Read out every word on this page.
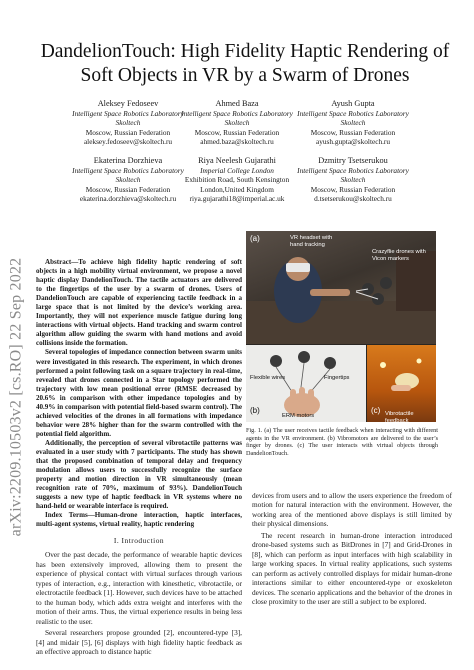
arXiv:2209.10503v2 [cs.RO] 22 Sep 2022
DandelionTouch: High Fidelity Haptic Rendering of Soft Objects in VR by a Swarm of Drones
Aleksey Fedoseev
Intelligent Space Robotics Laboratory
Skoltech
Moscow, Russian Federation
aleksey.fedoseev@skoltech.ru
Ahmed Baza
Intelligent Space Robotics Laboratory
Skoltech
Moscow, Russian Federation
ahmed.baza@skoltech.ru
Ayush Gupta
Intelligent Space Robotics Laboratory
Skoltech
Moscow, Russian Federation
ayush.gupta@skoltech.ru
Ekaterina Dorzhieva
Intelligent Space Robotics Laboratory
Skoltech
Moscow, Russian Federation
ekaterina.dorzhieva@skoltech.ru
Riya Neelesh Gujarathi
Imperial College London
Exhibition Road, South Kensington
London,United Kingdom
riya.gujarathi18@imperial.ac.uk
Dzmitry Tsetserukou
Intelligent Space Robotics Laboratory
Skoltech
Moscow, Russian Federation
d.tsetserukou@skoltech.ru

Abstract—To achieve high fidelity haptic rendering of soft objects in a high mobility virtual environment, we propose a novel haptic display DandelionTouch. The tactile actuators are delivered to the fingertips of the user by a swarm of drones. Users of DandelionTouch are capable of experiencing tactile feedback in a large space that is not limited by the device’s working area. Importantly, they will not experience muscle fatigue during long interactions with virtual objects. Hand tracking and swarm control algorithm allow guiding the swarm with hand motions and avoid collisions inside the formation.

Several topologies of impedance connection between swarm units were investigated in this research. The experiment, in which drones performed a point following task on a square trajectory in real-time, revealed that drones connected in a Star topology performed the trajectory with low mean positional error (RMSE decreased by 20.6% in comparison with other impedance topologies and by 40.9% in comparison with potential field-based swarm control). The achieved velocities of the drones in all formations with impedance behavior were 28% higher than for the swarm controlled with the potential field algorithm.

Additionally, the perception of several vibrotactile patterns was evaluated in a user study with 7 participants. The study has shown that the proposed combination of temporal delay and frequency modulation allows users to successfully recognize the surface property and motion direction in VR simultaneously (mean recognition rate of 70%, maximum of 93%). DandelionTouch suggests a new type of haptic feedback in VR systems where no hand-held or wearable interface is required.

Index Terms—Human-drone interaction, haptic interfaces, multi-agent systems, virtual reality, haptic rendering

I. Introduction

Over the past decade, the performance of wearable haptic devices has been extensively improved, allowing them to present the experience of physical contact with virtual surfaces through various types of interaction, e.g., interaction with kinesthetic, vibrotactile, or electrotactile feedback [1]. However, such devices have to be attached to the human body, which adds extra weight and interferes with the motion of their arms. Thus, the virtual experience results in being less realistic to the user.

Several researchers propose grounded [2], encountered-type [3], [4] and midair [5], [6] displays with high fidelity haptic feedback as an effective approach to distance haptic

(a)	VR headset with hand tracking
Crazyflie drones with Vicon markers
(b)
Flexible wires	Fingertips
ERM motors
(c) Vibrotactile feedback
Fig. 1. (a) The user receives tactile feedback when interacting with different agents in the VR environment. (b) Vibromotors are delivered to the user’s finger by drones. (c) The user interacts with virtual objects through DandelionTouch.

devices from users and to allow the users experience the freedom of motion for natural interaction with the environment. However, the working area of the mentioned above displays is still limited by their physical dimensions.

The recent research in human-drone interaction introduced drone-based systems such as BitDrones in [7] and Grid-Drones in [8], which can perform as input interfaces with high scalability in large working spaces. In virtual reality applications, such systems can perform as actively controlled displays for midair human-drone interactions similar to either encountered-type or exoskeleton devices. The scenario applications and the behavior of the drones in close proximity to the user are still a subject to be explored.
